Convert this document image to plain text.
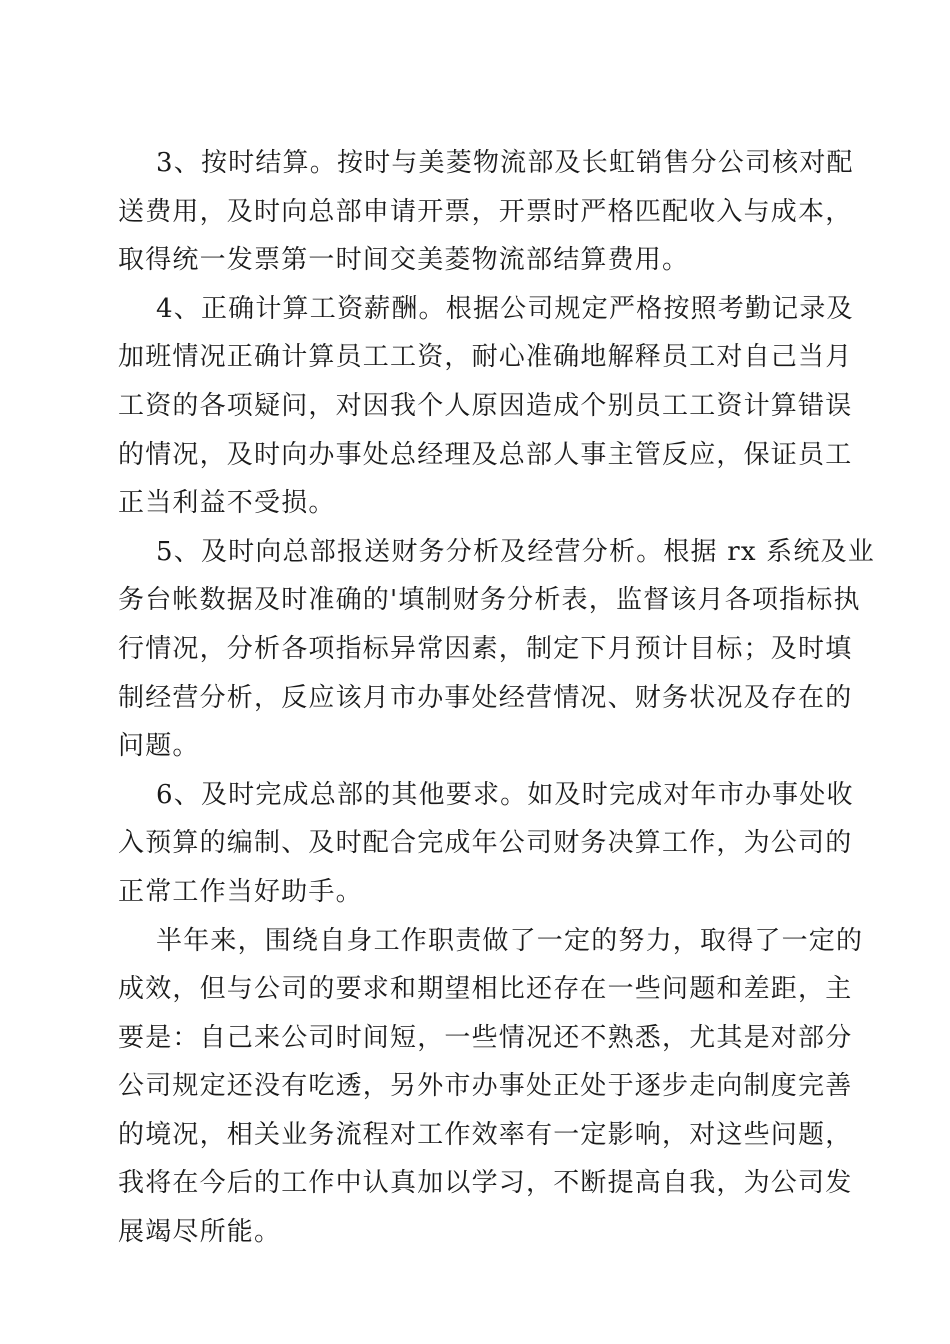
3、按时结算。按时与美菱物流部及长虹销售分公司核对配
送费用，及时向总部申请开票，开票时严格匹配收入与成本，
取得统一发票第一时间交美菱物流部结算费用。
4、正确计算工资薪酬。根据公司规定严格按照考勤记录及
加班情况正确计算员工工资，耐心准确地解释员工对自己当月
工资的各项疑问，对因我个人原因造成个别员工工资计算错误
的情况，及时向办事处总经理及总部人事主管反应，保证员工
正当利益不受损。
5、及时向总部报送财务分析及经营分析。根据 rx 系统及业
务台帐数据及时准确的'填制财务分析表，监督该月各项指标执
行情况，分析各项指标异常因素，制定下月预计目标；及时填
制经营分析，反应该月市办事处经营情况、财务状况及存在的
问题。
6、及时完成总部的其他要求。如及时完成对年市办事处收
入预算的编制、及时配合完成年公司财务决算工作，为公司的
正常工作当好助手。
半年来，围绕自身工作职责做了一定的努力，取得了一定的
成效，但与公司的要求和期望相比还存在一些问题和差距，主
要是：自己来公司时间短，一些情况还不熟悉，尤其是对部分
公司规定还没有吃透，另外市办事处正处于逐步走向制度完善
的境况，相关业务流程对工作效率有一定影响，对这些问题，
我将在今后的工作中认真加以学习，不断提高自我，为公司发
展竭尽所能。
